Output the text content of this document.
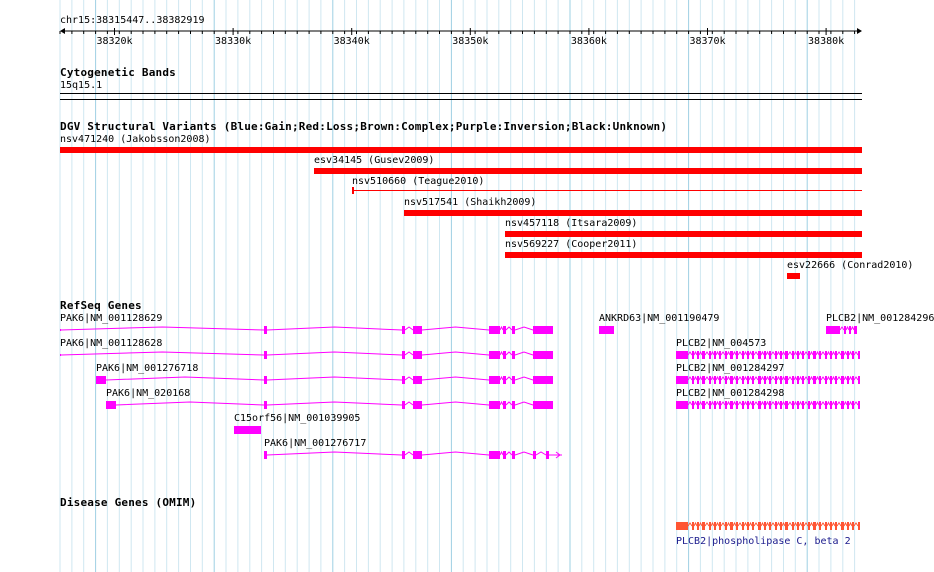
chr15:38315447..38382919
38320k	38330k	38340k	38350k	38360k	38370k	38380k
Cytogenetic Bands
15q15.1
DGV Structural Variants (Blue:Gain;Red:Loss;Brown:Complex;Purple:Inversion;Black:Unknown)
nsv471240 (Jakobsson2008)
esv34145 (Gusev2009)
nsv510660 (Teague2010)
nsv517541 (Shaikh2009)
nsv457118 (Itsara2009)
nsv569227 (Cooper2011)
esv22666 (Conrad2010)
RefSeq Genes
PAK6|NM_001128629	ANKRD63|NM_001190479	PLCB2|NM_001284296
PAK6|NM_001128628	PLCB2|NM_004573
PAK6|NM_001276718	PLCB2|NM_001284297
PAK6|NM_020168	PLCB2|NM_001284298
C15orf56|NM_001039905
PAK6|NM_001276717
Disease Genes (OMIM)
PLCB2|phospholipase C, beta 2
